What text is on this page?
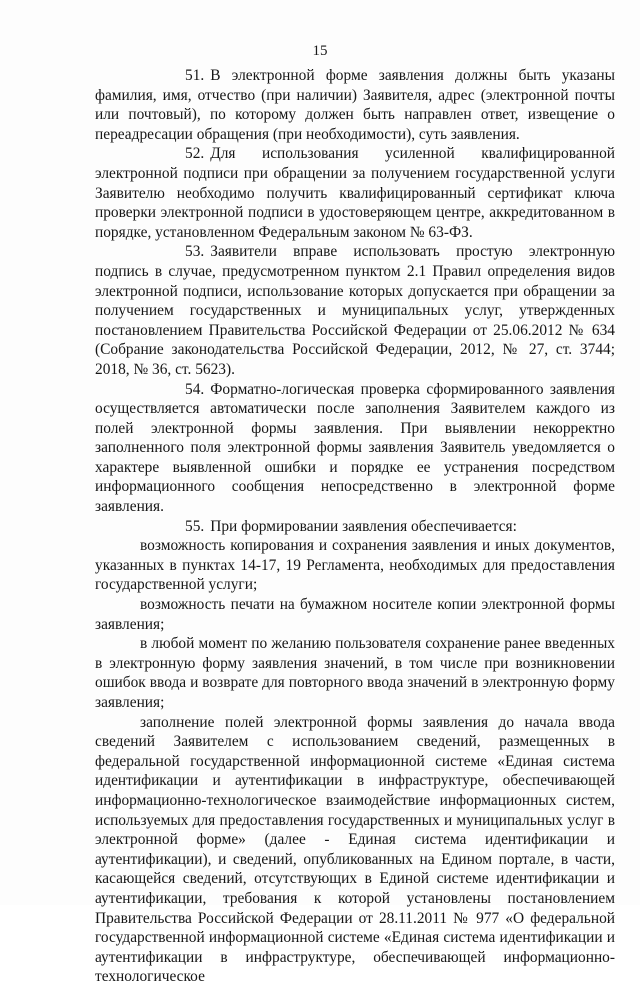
15

51. В электронной форме заявления должны быть указаны фамилия, имя, отчество (при наличии) Заявителя, адрес (электронной почты или почтовый), по которому должен быть направлен ответ, извещение о переадресации обращения (при необходимости), суть заявления.

52. Для использования усиленной квалифицированной электронной подписи при обращении за получением государственной услуги Заявителю необходимо получить квалифицированный сертификат ключа проверки электронной подписи в удостоверяющем центре, аккредитованном в порядке, установленном Федеральным законом № 63-ФЗ.

53. Заявители вправе использовать простую электронную подпись в случае, предусмотренном пунктом 2.1 Правил определения видов электронной подписи, использование которых допускается при обращении за получением государственных и муниципальных услуг, утвержденных постановлением Правительства Российской Федерации от 25.06.2012 № 634 (Собрание законодательства Российской Федерации, 2012, № 27, ст. 3744; 2018, № 36, ст. 5623).

54. Форматно-логическая проверка сформированного заявления осуществляется автоматически после заполнения Заявителем каждого из полей электронной формы заявления. При выявлении некорректно заполненного поля электронной формы заявления Заявитель уведомляется о характере выявленной ошибки и порядке ее устранения посредством информационного сообщения непосредственно в электронной форме заявления.

55. При формировании заявления обеспечивается:

возможность копирования и сохранения заявления и иных документов, указанных в пунктах 14-17, 19 Регламента, необходимых для предоставления государственной услуги;

возможность печати на бумажном носителе копии электронной формы заявления;

в любой момент по желанию пользователя сохранение ранее введенных в электронную форму заявления значений, в том числе при возникновении ошибок ввода и возврате для повторного ввода значений в электронную форму заявления;

заполнение полей электронной формы заявления до начала ввода сведений Заявителем с использованием сведений, размещенных в федеральной государственной информационной системе «Единая система идентификации и аутентификации в инфраструктуре, обеспечивающей информационно-технологическое взаимодействие информационных систем, используемых для предоставления государственных и муниципальных услуг в электронной форме» (далее - Единая система идентификации и аутентификации), и сведений, опубликованных на Едином портале, в части, касающейся сведений, отсутствующих в Единой системе идентификации и аутентификации, требования к которой установлены постановлением Правительства Российской Федерации от 28.11.2011 № 977 «О федеральной государственной информационной системе «Единая система идентификации и аутентификации в инфраструктуре, обеспечивающей информационно-технологическое
